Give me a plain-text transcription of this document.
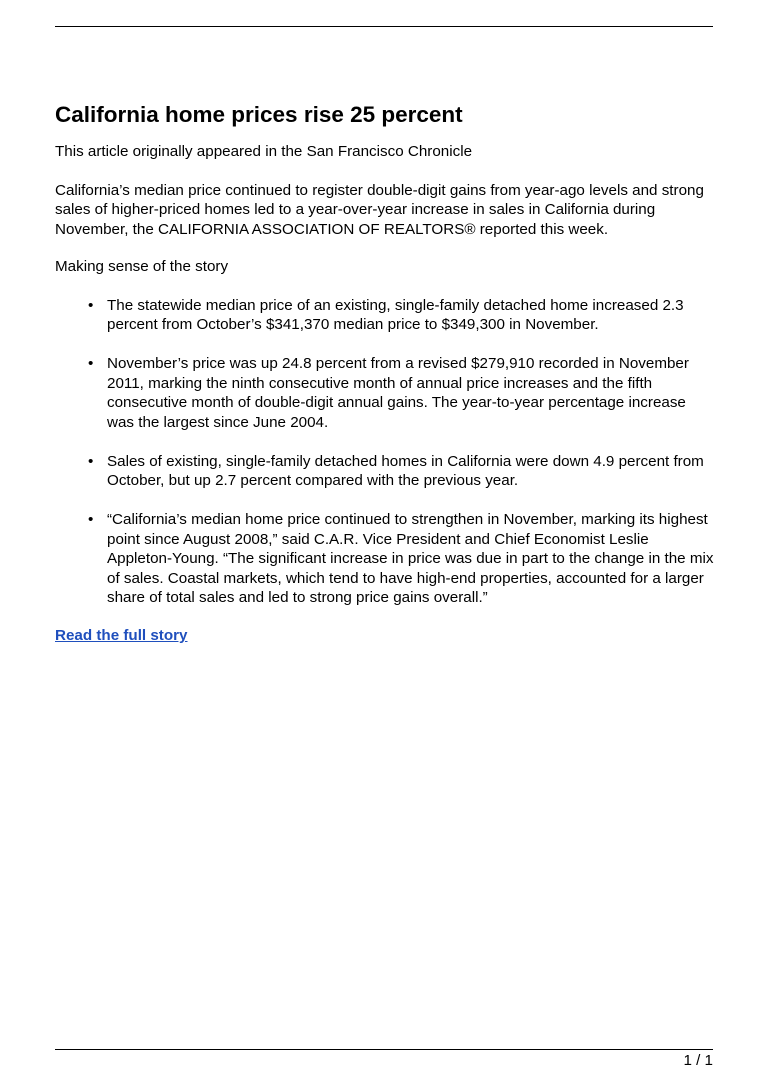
California home prices rise 25 percent

This article originally appeared in the San Francisco Chronicle

California’s median price continued to register double-digit gains from year-ago levels and strong sales of higher-priced homes led to a year-over-year increase in sales in California during November, the CALIFORNIA ASSOCIATION OF REALTORS® reported this week.

Making sense of the story

• The statewide median price of an existing, single-family detached home increased 2.3 percent from October’s $341,370 median price to $349,300 in November.
• November’s price was up 24.8 percent from a revised $279,910 recorded in November 2011, marking the ninth consecutive month of annual price increases and the fifth consecutive month of double-digit annual gains. The year-to-year percentage increase was the largest since June 2004.
• Sales of existing, single-family detached homes in California were down 4.9 percent from October, but up 2.7 percent compared with the previous year.
• “California’s median home price continued to strengthen in November, marking its highest point since August 2008,” said C.A.R. Vice President and Chief Economist Leslie Appleton-Young. “The significant increase in price was due in part to the change in the mix of sales. Coastal markets, which tend to have high-end properties, accounted for a larger share of total sales and led to strong price gains overall.”
Read the full story
1 / 1
